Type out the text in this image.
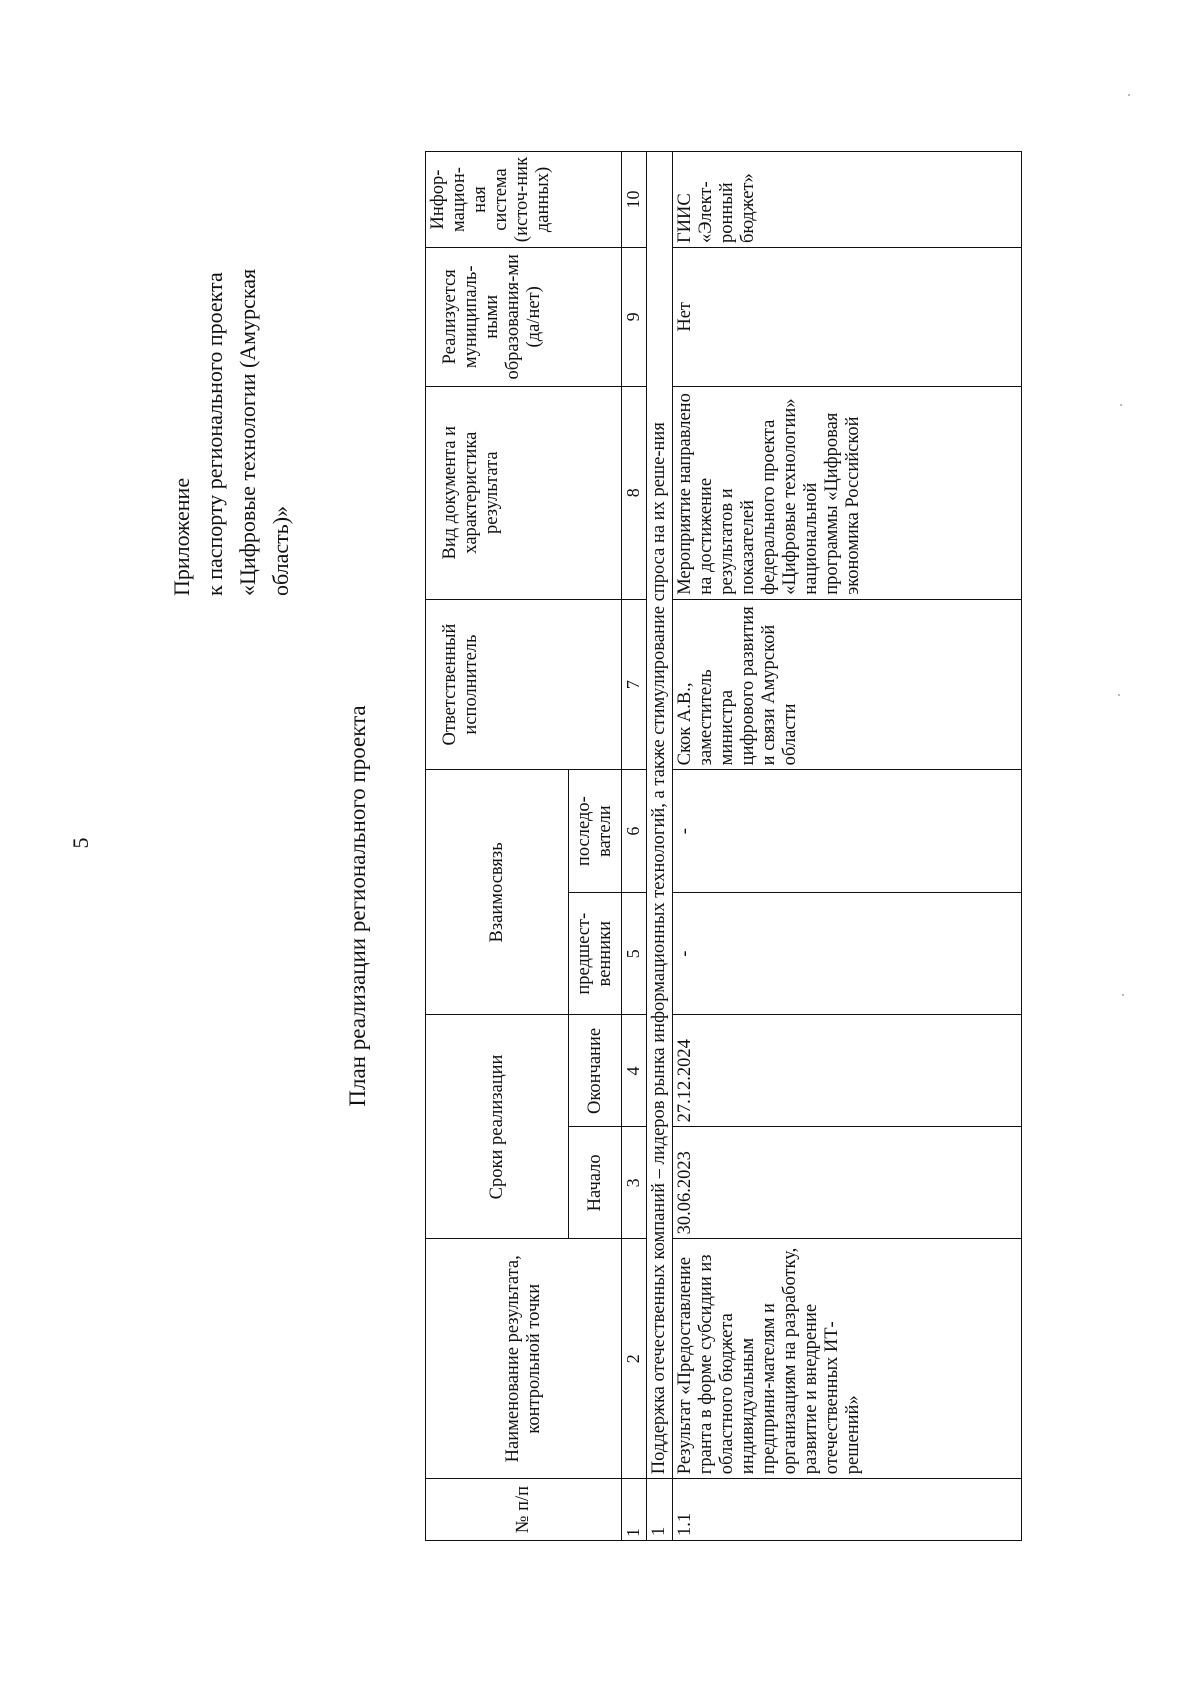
5
Приложение к паспорту регионального проекта «Цифровые технологии (Амурская область)»
План реализации регионального проекта
№ п/п	Наименование результата, контрольной точки	Сроки реализации		Взаимосвязь		Ответственный исполнитель	Вид документа и характеристика результата	Реализуется муниципаль-ными образования-ми (да/нет)	Инфор-мацион-ная система (источ-ник данных)
		Начало	Окончание	предшест-венники	последо-ватели				
1	2	3	4	5	6	7	8	9	10
1	Поддержка отечественных компаний – лидеров рынка информационных технологий, а также стимулирование спроса на их реше-ния								
1.1	Результат «Предоставление гранта в форме субсидии из областного бюджета индивидуальным предприни-мателям и организациям на разработку, развитие и внедрение отечественных ИТ-решений»	30.06.2023	27.12.2024	-	-	Скок А.В., заместитель министра цифрового развития и связи Амурской области	Мероприятие направлено на достижение результатов и показателей федерального проекта «Цифровые технологии» национальной программы «Цифровая экономика Российской	Нет	ГИИС «Элект-ронный бюджет»
